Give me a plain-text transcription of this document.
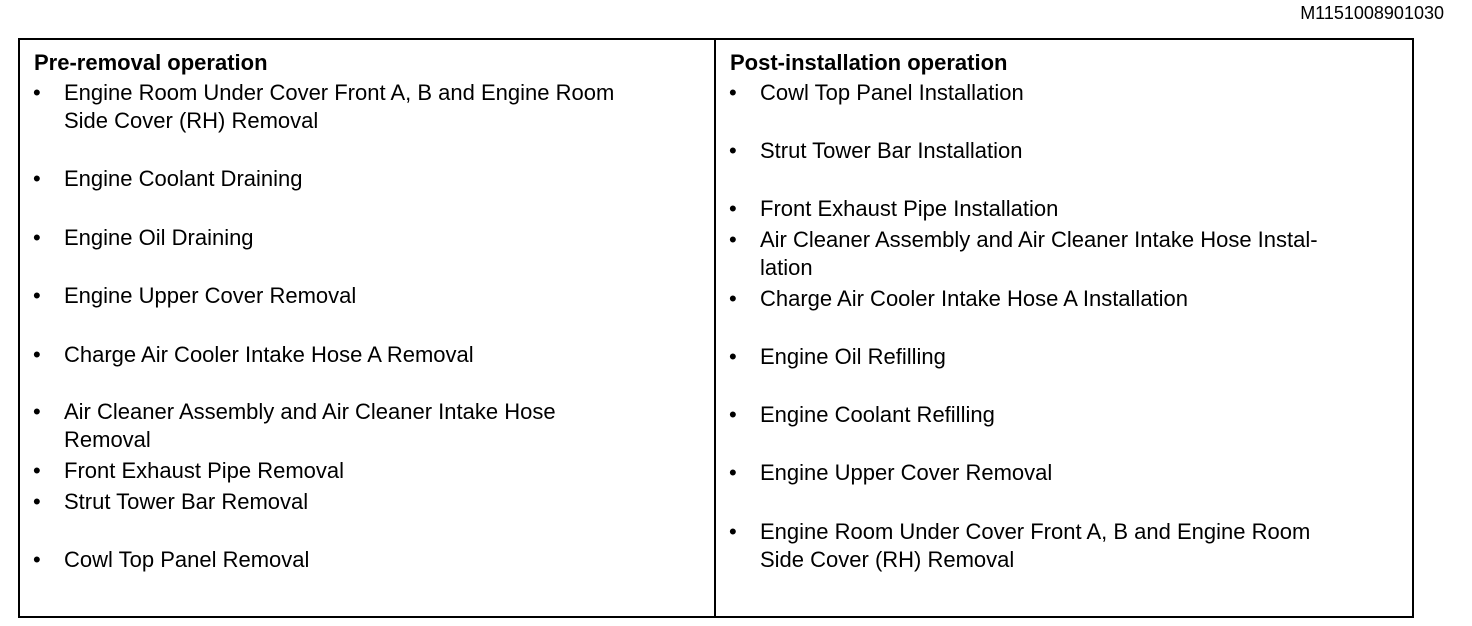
M1151008901030
Pre-removal operation
• Engine Room Under Cover Front A, B and Engine Room
Side Cover (RH) Removal
• Engine Coolant Draining
• Engine Oil Draining
• Engine Upper Cover Removal
• Charge Air Cooler Intake Hose A Removal
• Air Cleaner Assembly and Air Cleaner Intake Hose
Removal
• Front Exhaust Pipe Removal
• Strut Tower Bar Removal
• Cowl Top Panel Removal
Post-installation operation
• Cowl Top Panel Installation
• Strut Tower Bar Installation
• Front Exhaust Pipe Installation
• Air Cleaner Assembly and Air Cleaner Intake Hose Instal-
lation
• Charge Air Cooler Intake Hose A Installation
• Engine Oil Refilling
• Engine Coolant Refilling
• Engine Upper Cover Removal
• Engine Room Under Cover Front A, B and Engine Room
Side Cover (RH) Removal
